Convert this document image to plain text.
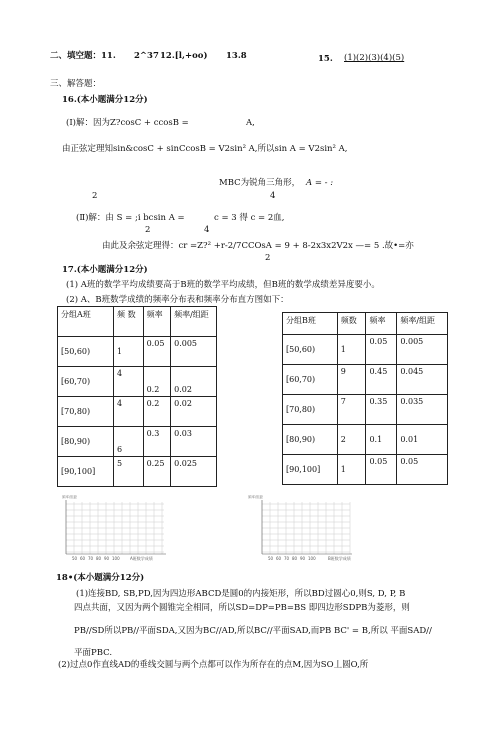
二、填空题：11. 2^37 12.[l,+oo) 13.8	15. (1)(2)(3)(4)(5)
三、解答题：
16.(本小题满分12分)
(Ⅰ)解：因为Z?cosC + ccosB =	A,
由正弦定理知sin&cosC + sinCcosB = V2sin² A,所以sin A = V2sin² A,
MBC为锐角三角形， A = - :
2	4
(Ⅱ)解：由 S = ;i bcsin A =	c = 3 得 c = 2血,
2	4
由此及余弦定理得：cr =Z?² +r-2/7CCOsA = 9 + 8-2x3x2V2x —= 5 .故•=亦
2
17.(本小题满分12分)
(1) A班的数学平均成绩要高于B班的数学平均成绩，但B班的数学成绩差异度要小。
(2) A、B班数学成绩的频率分布表和频率分布直方图如下：
分组A班	频 数	频率	频率/组距
[50,60)	1	0.05	0.005
[60,70)	4	0.2	0.02
[70,80)	4	0.2	0.02
[80,90)	6	0.3	0.03
[90,100]	5	0.25	0.025
分组B班	频数	频率	频率/组距
[50,60)	1	0.05	0.005
[60,70)	9	0.45	0.045
[70,80)	7	0.35	0.035
[80,90)	2	0.1	0.01
[90,100]	1	0.05	0.05
频率/组距
50 60 70 80 90 100	A班数学成绩
频率/组距
50 60 70 80 90 100	B班数学成绩
18•(本小题满分12分)
(1)连接BD, SB,PD,因为四边形ABCD是圆0的内接矩形，所以BD过圆心0,则S, D, P, B
四点共面，又因为两个圆锥完全相同，所以SD=DP=PB=BS 即四边形SDPB为菱形，则
PB//SD所以PB//平面SDA,又因为BC//AD,所以BC//平面SAD,而PB BC' = B,所以 平面SAD//
平面PBC.
(2)过点0作直线AD的垂线交圆与两个点都可以作为所存在的点M,因为SO丄圆O,所
